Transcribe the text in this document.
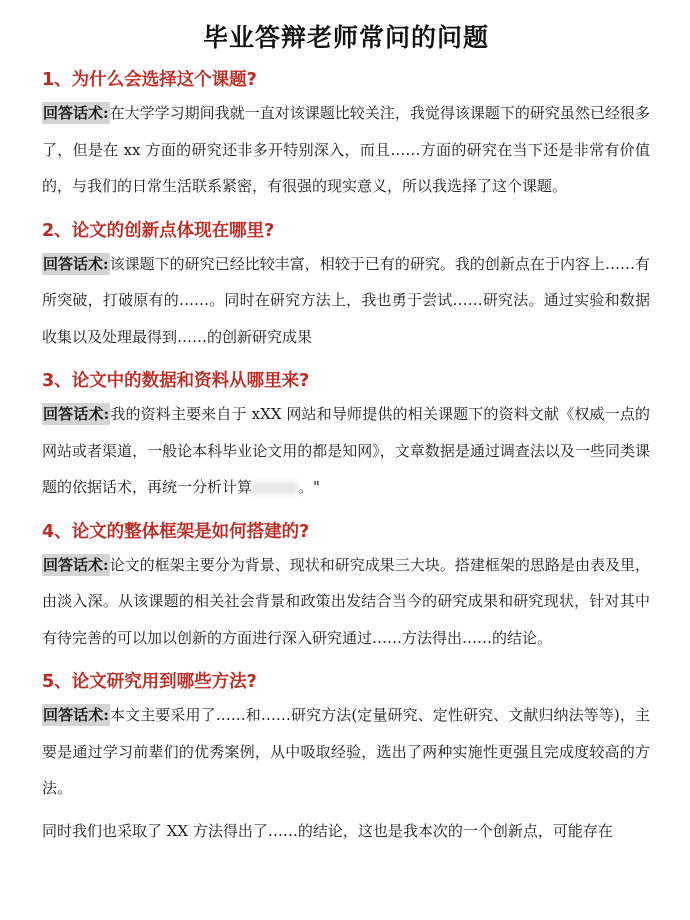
毕业答辩老师常问的问题
1、为什么会选择这个课题?

回答话术:在大学学习期间我就一直对该课题比较关注，我觉得该课题下的研究虽然已经很多了，但是在 xx 方面的研究还非多开特别深入，而且……方面的研究在当下还是非常有价值的，与我们的日常生活联系紧密，有很强的现实意义，所以我选择了这个课题。

2、论文的创新点体现在哪里?

回答话术:该课题下的研究已经比较丰富，相较于已有的研究。我的创新点在于内容上……有所突破，打破原有的……。同时在研究方法上，我也勇于尝试……研究法。通过实验和数据收集以及处理最得到……的创新研究成果

3、论文中的数据和资料从哪里来?

回答话术:我的资料主要来自于 xXX 网站和导师提供的相关课题下的资料文献《权威一点的网站或者渠道，一般论本科毕业论文用的都是知网》，文章数据是通过调查法以及一些同类课题的依据话术，再统一分析计算	。"

4、论文的整体框架是如何搭建的?

回答话术:论文的框架主要分为背景、现状和研究成果三大块。搭建框架的思路是由表及里，由淡入深。从该课题的相关社会背景和政策出发结合当今的研究成果和研究现状，针对其中有待完善的可以加以创新的方面进行深入研究通过……方法得出……的结论。

5、论文研究用到哪些方法?

回答话术:本文主要采用了……和……研究方法(定量研究、定性研究、文献归纳法等等)，主要是通过学习前辈们的优秀案例，从中吸取经验，选出了两种实施性更强且完成度较高的方法。

同时我们也采取了 XX 方法得出了……的结论，这也是我本次的一个创新点，可能存在
